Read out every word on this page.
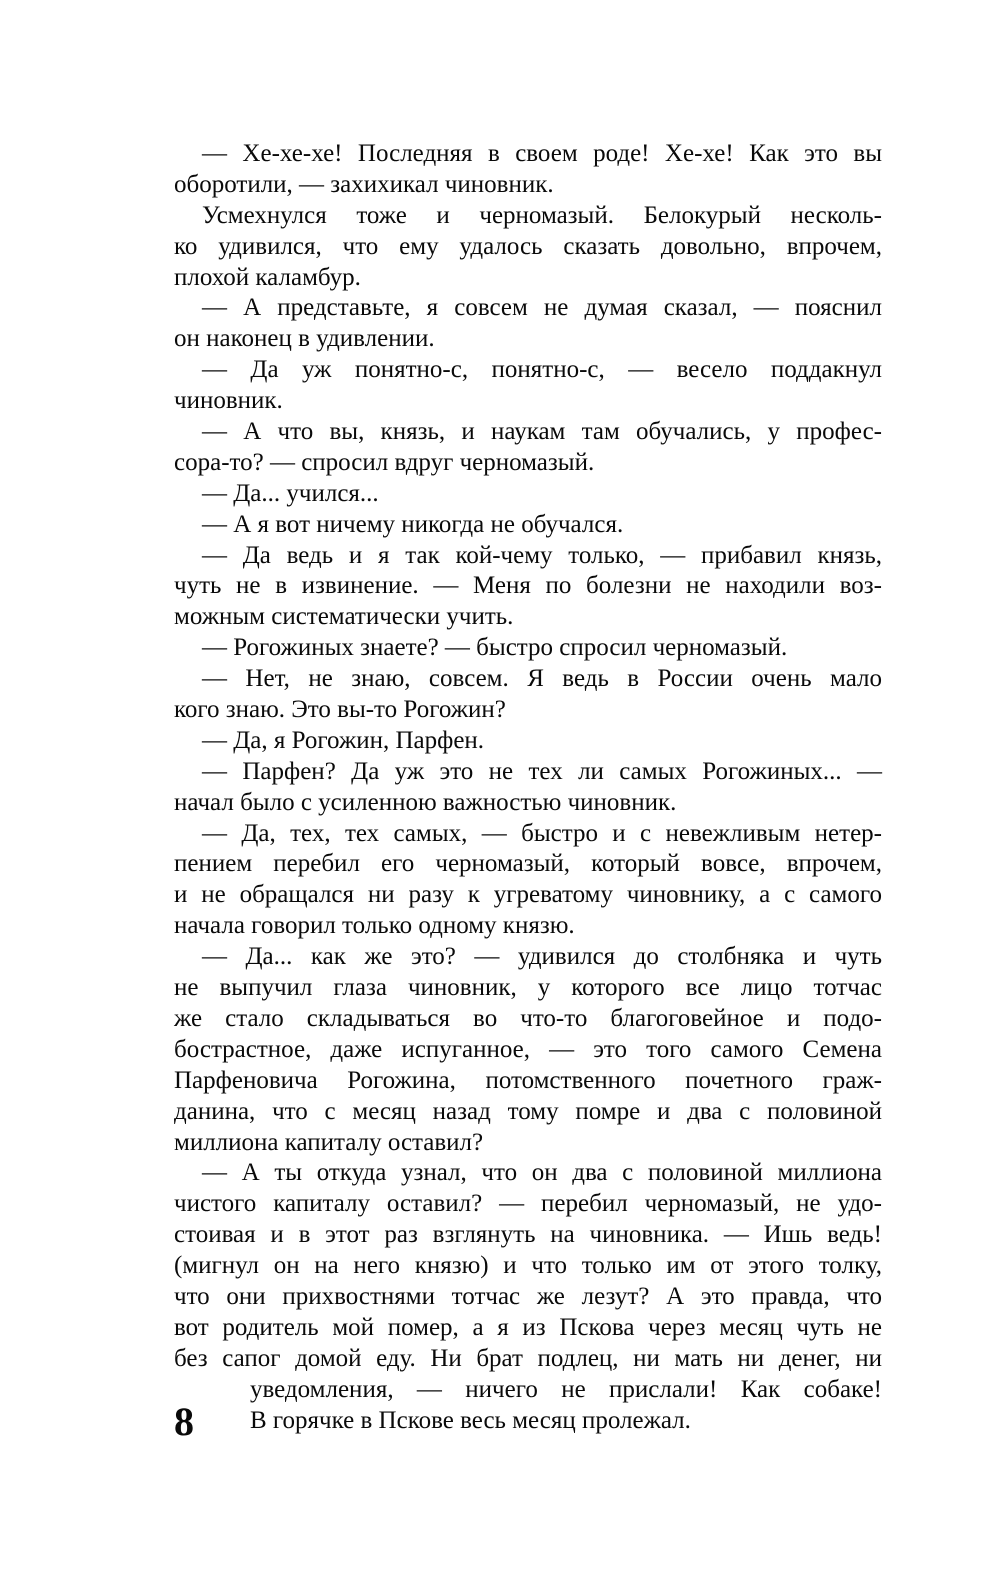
— Хе-хе-хе! Последняя в своем роде! Хе-хе! Как это вы
оборотили, — захихикал чиновник.
Усмехнулся тоже и черномазый. Белокурый несколь-
ко удивился, что ему удалось сказать довольно, впрочем,
плохой каламбур.
— А представьте, я совсем не думая сказал, — пояснил
он наконец в удивлении.
— Да уж понятно-с, понятно-с, — весело поддакнул
чиновник.
— А что вы, князь, и наукам там обучались, у профес-
сора-то? — спросил вдруг черномазый.
— Да... учился...
— А я вот ничему никогда не обучался.
— Да ведь и я так кой-чему только, — прибавил князь,
чуть не в извинение. — Меня по болезни не находили воз-
можным систематически учить.
— Рогожиных знаете? — быстро спросил черномазый.
— Нет, не знаю, совсем. Я ведь в России очень мало
кого знаю. Это вы-то Рогожин?
— Да, я Рогожин, Парфен.
— Парфен? Да уж это не тех ли самых Рогожиных... —
начал было с усиленною важностью чиновник.
— Да, тех, тех самых, — быстро и с невежливым нетер-
пением перебил его черномазый, который вовсе, впрочем,
и не обращался ни разу к угреватому чиновнику, а с самого
начала говорил только одному князю.
— Да... как же это? — удивился до столбняка и чуть
не выпучил глаза чиновник, у которого все лицо тотчас
же стало складываться во что-то благоговейное и подо-
бострастное, даже испуганное, — это того самого Семена
Парфеновича Рогожина, потомственного почетного граж-
данина, что с месяц назад тому помре и два с половиной
миллиона капиталу оставил?
— А ты откуда узнал, что он два с половиной миллиона
чистого капиталу оставил? — перебил черномазый, не удо-
стоивая и в этот раз взглянуть на чиновника. — Ишь ведь!
(мигнул он на него князю) и что только им от этого толку,
что они прихвостнями тотчас же лезут? А это правда, что
вот родитель мой помер, а я из Пскова через месяц чуть не
без сапог домой еду. Ни брат подлец, ни мать ни денег, ни
уведомления, — ничего не прислали! Как собаке!
В горячке в Пскове весь месяц пролежал.
8
